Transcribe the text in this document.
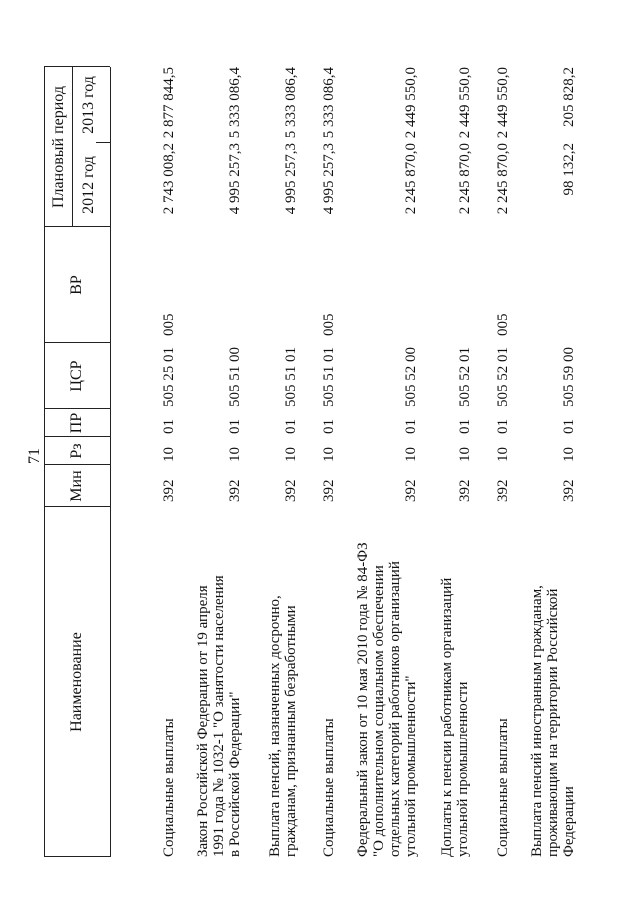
71
Наименование
Мин
Рз
ПР
ЦСР
ВР
Плановый период 2012 год
2013 год
Социальные выплаты
392
10
01
505 25 01
005
2 743 008,2
2 877 844,5
Закон Российской Федерации от 19 апреля
1991 года № 1032-1 "О занятости населения
в Российской Федерации"
392
10
01
505 51 00
4 995 257,3
5 333 086,4
Выплата пенсий, назначенных досрочно,
гражданам, признанным безработными
392
10
01
505 51 01
4 995 257,3
5 333 086,4
Социальные выплаты
392
10
01
505 51 01
005
4 995 257,3
5 333 086,4
Федеральный закон от 10 мая 2010 года № 84-ФЗ
"О дополнительном социальном обеспечении
отдельных категорий работников организаций
угольной промышленности"
392
10
01
505 52 00
2 245 870,0
2 449 550,0
Доплаты к пенсии работникам организаций
угольной промышленности
392
10
01
505 52 01
2 245 870,0
2 449 550,0
Социальные выплаты
392
10
01
505 52 01
005
2 245 870,0
2 449 550,0
Выплата пенсий иностранным гражданам,
проживающим на территории Российской
Федерации
392
10
01
505 59 00
98 132,2
205 828,2
